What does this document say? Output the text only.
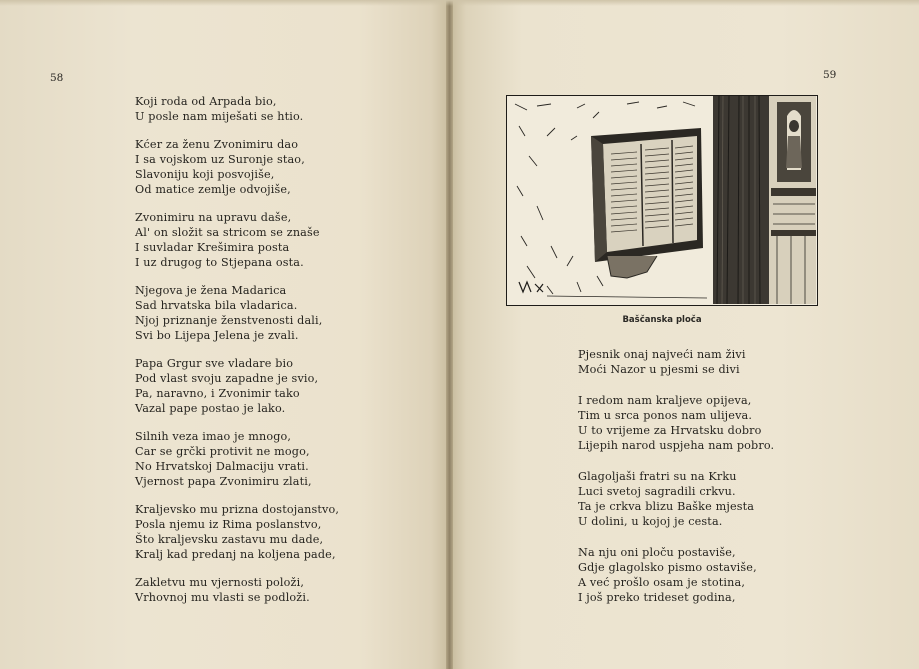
58	59
Koji roda od Arpada bio,
U posle nam miješati se htio.
Kćer za ženu Zvonimiru dao
I sa vojskom uz Suronje stao,
Slavoniju koji posvojiše,
Od matice zemlje odvojiše,
Zvonimiru na upravu daše,
Al' on složit sa stricom se znaše
I suvladar Krešimira posta
I uz drugog to Stjepana osta.
Njegova je žena Madarica
Sad hrvatska bila vladarica.
Njoj priznanje ženstvenosti dali,
Svi bo Lijepa Jelena je zvali.
Papa Grgur sve vladare bio
Pod vlast svoju zapadne je svio,
Pa, naravno, i Zvonimir tako
Vazal pape postao je lako.
Silnih veza imao je mnogo,
Car se grčki protivit ne mogo,
No Hrvatskoj Dalmaciju vrati.
Vjernost papa Zvonimiru zlati,
Kraljevsko mu prizna dostojanstvo,
Posla njemu iz Rima poslanstvo,
Što kraljevsku zastavu mu dade,
Kralj kad predanj na koljena pade,
Zakletvu mu vjernosti položi,
Vrhovnoj mu vlasti se podloži.
Baščanska ploča
Pjesnik onaj najveći nam živi
Moći Nazor u pjesmi se divi
I redom nam kraljeve opijeva,
Tim u srca ponos nam ulijeva.
U to vrijeme za Hrvatsku dobro
Lijepih narod uspjeha nam pobro.
Glagoljaši fratri su na Krku
Luci svetoj sagradili crkvu.
Ta je crkva blizu Baške mjesta
U dolini, u kojoj je cesta.
Na nju oni ploču postaviše,
Gdje glagolsko pismo ostaviše,
A već prošlo osam je stotina,
I još preko trideset godina,
